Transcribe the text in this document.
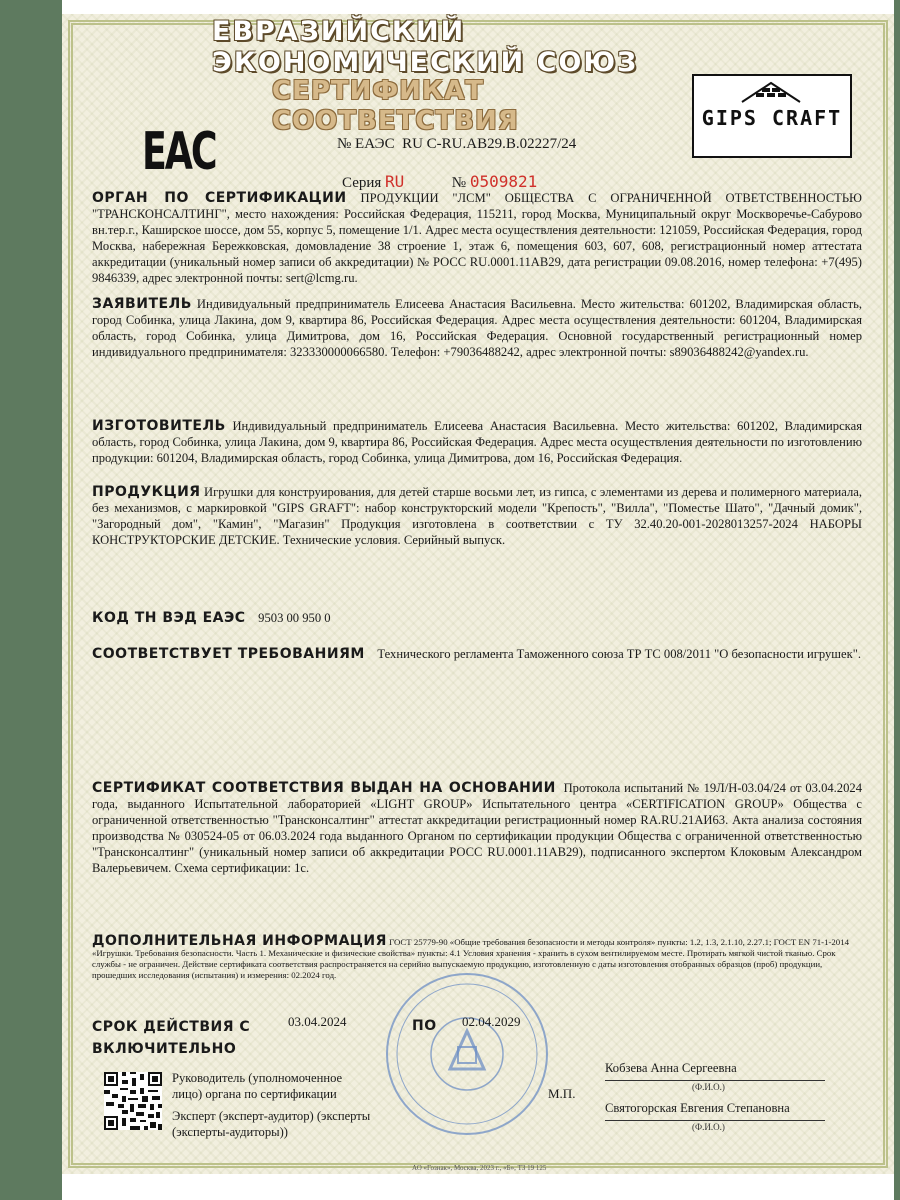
ЕВРАЗИЙСКИЙ ЭКОНОМИЧЕСКИЙ СОЮЗ
СЕРТИФИКАТ СООТВЕТСТВИЯ
EAC
GIPS CRAFT
№ ЕАЭС RU C-RU.AB29.B.02227/24
Серия RU	№ 0509821
ОРГАН ПО СЕРТИФИКАЦИИ ПРОДУКЦИИ "ЛСМ" ОБЩЕСТВА С ОГРАНИЧЕННОЙ ОТВЕТСТВЕННОСТЬЮ "ТРАНСКОНСАЛТИНГ", место нахождения: Российская Федерация, 115211, город Москва, Муниципальный округ Москворечье-Сабурово вн.тер.г., Каширское шоссе, дом 55, корпус 5, помещение 1/1. Адрес места осуществления деятельности: 121059, Российская Федерация, город Москва, набережная Бережковская, домовладение 38 строение 1, этаж 6, помещения 603, 607, 608, регистрационный номер аттестата аккредитации (уникальный номер записи об аккредитации) № РОСС RU.0001.11AB29, дата регистрации 09.08.2016, номер телефона: +7(495) 9846339, адрес электронной почты: sert@lcmg.ru.
ЗАЯВИТЕЛЬ Индивидуальный предприниматель Елисеева Анастасия Васильевна. Место жительства: 601202, Владимирская область, город Собинка, улица Лакина, дом 9, квартира 86, Российская Федерация. Адрес места осуществления деятельности: 601204, Владимирская область, город Собинка, улица Димитрова, дом 16, Российская Федерация. Основной государственный регистрационный номер индивидуального предпринимателя: 323330000066580. Телефон: +79036488242, адрес электронной почты: s89036488242@yandex.ru.
ИЗГОТОВИТЕЛЬ Индивидуальный предприниматель Елисеева Анастасия Васильевна. Место жительства: 601202, Владимирская область, город Собинка, улица Лакина, дом 9, квартира 86, Российская Федерация. Адрес места осуществления деятельности по изготовлению продукции: 601204, Владимирская область, город Собинка, улица Димитрова, дом 16, Российская Федерация.
ПРОДУКЦИЯ Игрушки для конструирования, для детей старше восьми лет, из гипса, с элементами из дерева и полимерного материала, без механизмов, с маркировкой "GIPS GRAFT": набор конструкторский модели "Крепость", "Вилла", "Поместье Шато", "Дачный домик", "Загородный дом", "Камин", "Магазин" Продукция изготовлена в соответствии с ТУ 32.40.20-001-2028013257-2024 НАБОРЫ КОНСТРУКТОРСКИЕ ДЕТСКИЕ. Технические условия. Серийный выпуск.
КОД ТН ВЭД ЕАЭС 9503 00 950 0
СООТВЕТСТВУЕТ ТРЕБОВАНИЯМ Технического регламента Таможенного союза ТР ТС 008/2011 "О безопасности игрушек".
СЕРТИФИКАТ СООТВЕТСТВИЯ ВЫДАН НА ОСНОВАНИИ Протокола испытаний № 19Л/Н-03.04/24 от 03.04.2024 года, выданного Испытательной лабораторией «LIGHT GROUP» Испытательного центра «CERTIFICATION GROUP» Общества с ограниченной ответственностью "Трансконсалтинг" аттестат аккредитации регистрационный номер RA.RU.21АИ63. Акта анализа состояния производства № 030524-05 от 06.03.2024 года выданного Органом по сертификации продукции Общества с ограниченной ответственностью "Трансконсалтинг" (уникальный номер записи об аккредитации РОСС RU.0001.11AB29), подписанного экспертом Клоковым Александром Валерьевичем. Схема сертификации: 1с.
ДОПОЛНИТЕЛЬНАЯ ИНФОРМАЦИЯ ГОСТ 25779-90 «Общие требования безопасности и методы контроля» пункты: 1.2, 1.3, 2.1.10, 2.27.1; ГОСТ EN 71-1-2014 «Игрушки. Требования безопасности. Часть 1. Механические и физические свойства» пункты: 4.1 Условия хранения - хранить в сухом вентилируемом месте. Протирать мягкой чистой тканью. Срок службы - не ограничен. Действие сертификата соответствия распространяется на серийно выпускаемую продукцию, изготовленную с даты изготовления отобранных образцов (проб) продукции, прошедших исследования (испытания) и измерения: 02.2024 год.
СРОК ДЕЙСТВИЯ С
ВКЛЮЧИТЕЛЬНО
03.04.2024	ПО 02.04.2029
Руководитель (уполномоченное лицо) органа по сертификации
Эксперт (эксперт-аудитор) (эксперты (эксперты-аудиторы))
М.П.
Кобзева Анна Сергеевна
(Ф.И.О.)
Святогорская Евгения Степановна
(Ф.И.О.)
АО «Гознак», Москва, 2023 г., «Б», ТЗ 19 125
